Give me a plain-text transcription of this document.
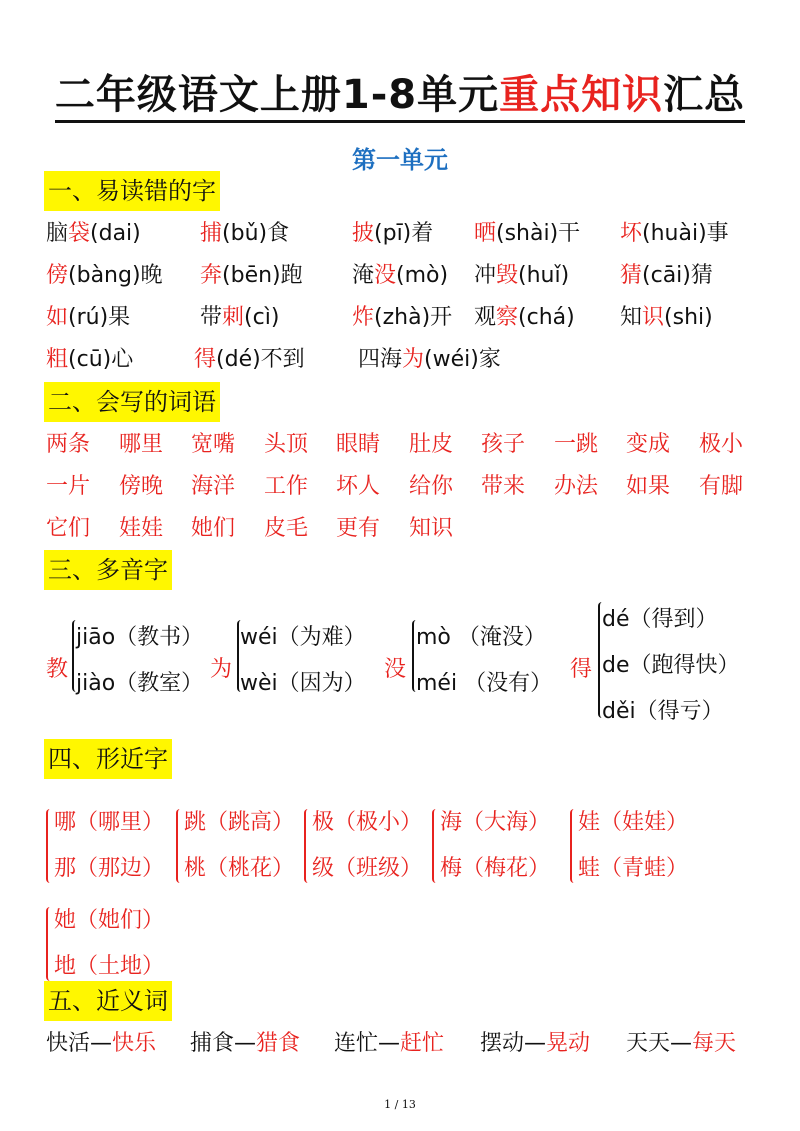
二年级语文上册1-8单元重点知识汇总
第一单元
一、易读错的字
脑袋(dai)	捕(bǔ)食	披(pī)着 晒(shài)干 坏(huài)事
傍(bàng)晚 奔(bēn)跑 淹没(mò) 冲毁(huǐ) 猜(cāi)猜
如(rú)果	带刺(cì)	炸(zhà)开 观察(chá) 知识(shi)
粗(cū)心	得(dé)不到 四海为(wéi)家
二、会写的词语
两条 哪里 宽嘴 头顶 眼睛 肚皮 孩子 一跳 变成 极小
一片 傍晚 海洋 工作 坏人 给你 带来 办法 如果 有脚
它们 娃娃 她们 皮毛 更有 知识
三、多音字
教
jiāo（教书）
jiào（教室）
为
wéi（为难）
wèi（因为）
没
mò （淹没）
méi （没有）
得
dé（得到）
de（跑得快）
děi（得亏）
四、形近字
哪（哪里）
那（那边）
跳（跳高）
桃（桃花）
极（极小）
级（班级）
海（大海）
梅（梅花）
娃（娃娃）
蛙（青蛙）
她（她们）
地（土地）
五、近义词
快活—快乐 捕食—猎食 连忙—赶忙 摆动—晃动 天天—每天
1 / 13
